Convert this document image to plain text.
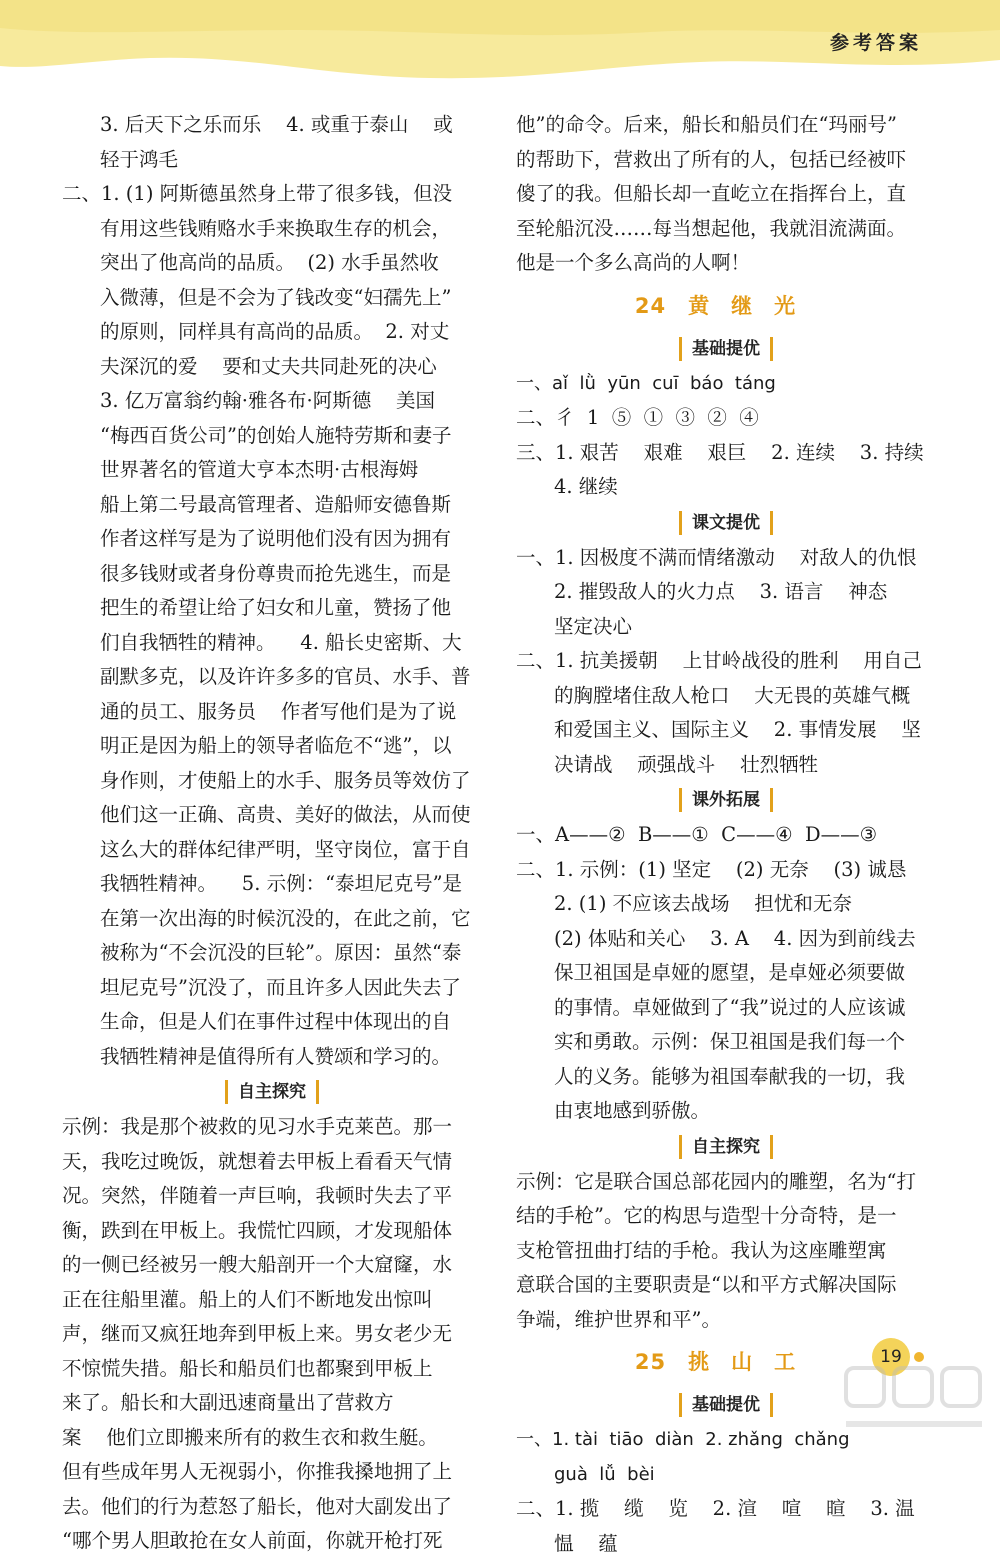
参考答案
3. 后天下之乐而乐    4. 或重于泰山    或
轻于鸿毛
二、1. (1) 阿斯德虽然身上带了很多钱，但没
有用这些钱贿赂水手来换取生存的机会，
突出了他高尚的品质。  (2) 水手虽然收
入微薄，但是不会为了钱改变“妇孺先上”
的原则，同样具有高尚的品质。  2. 对丈
夫深沉的爱    要和丈夫共同赴死的决心
3. 亿万富翁约翰·雅各布·阿斯德    美国
“梅西百货公司”的创始人施特劳斯和妻子
世界著名的管道大亨本杰明·古根海姆
船上第二号最高管理者、造船师安德鲁斯
作者这样写是为了说明他们没有因为拥有
很多钱财或者身份尊贵而抢先逃生，而是
把生的希望让给了妇女和儿童，赞扬了他
们自我牺牲的精神。    4. 船长史密斯、大
副默多克，以及许许多多的官员、水手、普
通的员工、服务员    作者写他们是为了说
明正是因为船上的领导者临危不“逃”，以
身作则，才使船上的水手、服务员等效仿了
他们这一正确、高贵、美好的做法，从而使
这么大的群体纪律严明，坚守岗位，富于自
我牺牲精神。    5. 示例：“泰坦尼克号”是
在第一次出海的时候沉没的，在此之前，它
被称为“不会沉没的巨轮”。原因：虽然“泰
坦尼克号”沉没了，而且许多人因此失去了
生命，但是人们在事件过程中体现出的自
我牺牲精神是值得所有人赞颂和学习的。
自主探究
示例：我是那个被救的见习水手克莱芭。那一
天，我吃过晚饭，就想着去甲板上看看天气情
况。突然，伴随着一声巨响，我顿时失去了平
衡，跌到在甲板上。我慌忙四顾，才发现船体
的一侧已经被另一艘大船剖开一个大窟窿，水
正在往船里灌。船上的人们不断地发出惊叫
声，继而又疯狂地奔到甲板上来。男女老少无
不惊慌失措。船长和船员们也都聚到甲板上
来了。船长和大副迅速商量出了营救方
案    他们立即搬来所有的救生衣和救生艇。
但有些成年男人无视弱小，你推我搡地拥了上
去。他们的行为惹怒了船长，他对大副发出了
“哪个男人胆敢抢在女人前面，你就开枪打死
他”的命令。后来，船长和船员们在“玛丽号”
的帮助下，营救出了所有的人，包括已经被吓
傻了的我。但船长却一直屹立在指挥台上，直
至轮船沉没……每当想起他，我就泪流满面。
他是一个多么高尚的人啊！
24 黄继光
基础提优
一、aǐ  lǜ  yūn  cuī  báo  táng
二、彳  1  ⑤  ①  ③  ②  ④
三、1. 艰苦    艰难    艰巨    2. 连续    3. 持续
4. 继续
课文提优
一、1. 因极度不满而情绪激动    对敌人的仇恨
2. 摧毁敌人的火力点    3. 语言    神态
坚定决心
二、1. 抗美援朝    上甘岭战役的胜利    用自己
的胸膛堵住敌人枪口    大无畏的英雄气概
和爱国主义、国际主义    2. 事情发展    坚
决请战    顽强战斗    壮烈牺牲
课外拓展
一、A——②  B——①  C——④  D——③
二、1. 示例：(1) 坚定    (2) 无奈    (3) 诚恳
2. (1) 不应该去战场    担忧和无奈
(2) 体贴和关心    3. A    4. 因为到前线去
保卫祖国是卓娅的愿望，是卓娅必须要做
的事情。卓娅做到了“我”说过的人应该诚
实和勇敢。示例：保卫祖国是我们每一个
人的义务。能够为祖国奉献我的一切，我
由衷地感到骄傲。
自主探究
示例：它是联合国总部花园内的雕塑，名为“打
结的手枪”。它的构思与造型十分奇特，是一
支枪管扭曲打结的手枪。我认为这座雕塑寓
意联合国的主要职责是“以和平方式解决国际
争端，维护世界和平”。
25 挑山工
基础提优
一、1. tài  tiāo  diàn  2. zhǎng  chǎng
guà  lǚ  bèi
二、1. 揽    缆    览    2. 渲    喧    暄    3. 温
愠    蕴
19
